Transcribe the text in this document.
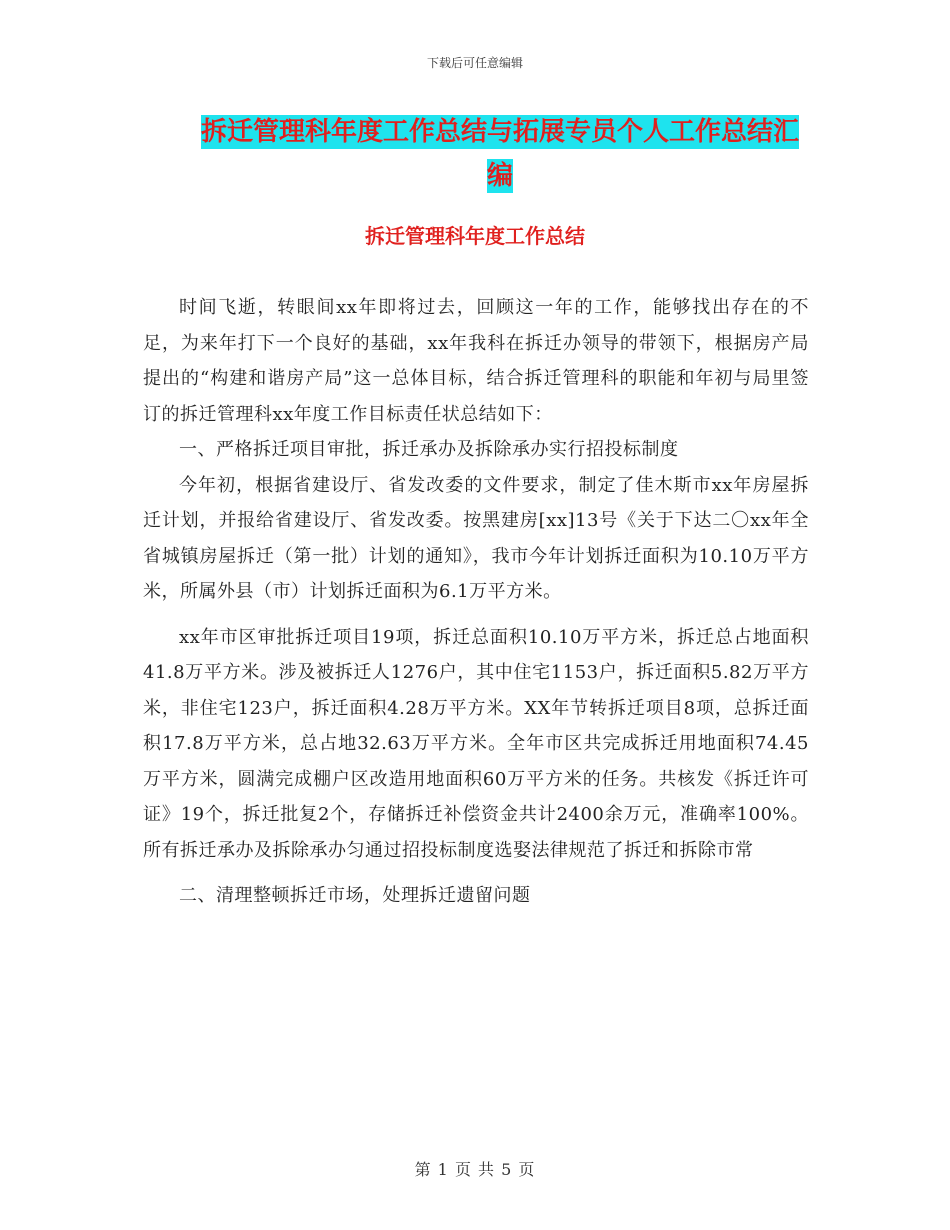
下载后可任意编辑
拆迁管理科年度工作总结与拓展专员个人工作总结汇编
拆迁管理科年度工作总结

时间飞逝，转眼间xx年即将过去，回顾这一年的工作，能够找出存在的不足，为来年打下一个良好的基础，xx年我科在拆迁办领导的带领下，根据房产局提出的“构建和谐房产局”这一总体目标，结合拆迁管理科的职能和年初与局里签订的拆迁管理科xx年度工作目标责任状总结如下：

一、严格拆迁项目审批，拆迁承办及拆除承办实行招投标制度

今年初，根据省建设厅、省发改委的文件要求，制定了佳木斯市xx年房屋拆迁计划，并报给省建设厅、省发改委。按黑建房[xx]13号《关于下达二〇xx年全省城镇房屋拆迁（第一批）计划的通知》，我市今年计划拆迁面积为10.10万平方米，所属外县（市）计划拆迁面积为6.1万平方米。

xx年市区审批拆迁项目19项，拆迁总面积10.10万平方米，拆迁总占地面积41.8万平方米。涉及被拆迁人1276户，其中住宅1153户，拆迁面积5.82万平方米，非住宅123户，拆迁面积4.28万平方米。XX年节转拆迁项目8项，总拆迁面积17.8万平方米，总占地32.63万平方米。全年市区共完成拆迁用地面积74.45万平方米，圆满完成棚户区改造用地面积60万平方米的任务。共核发《拆迁许可证》19个，拆迁批复2个，存储拆迁补偿资金共计2400余万元，准确率100%。所有拆迁承办及拆除承办匀通过招投标制度选娶法律规范了拆迁和拆除市常

二、清理整顿拆迁市场，处理拆迁遗留问题

第 1 页 共 5 页
